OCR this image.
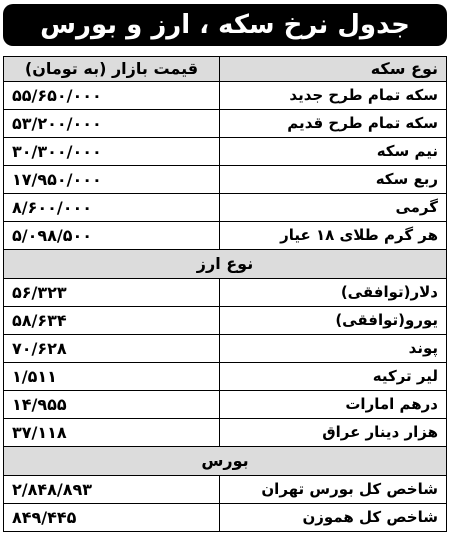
جدول نرخ سکه ، ارز و بورس
نوع سکه	قیمت بازار (به تومان)
سکه تمام طرح جدید	۵۵/۶۵۰/۰۰۰
سکه تمام طرح قدیم	۵۳/۲۰۰/۰۰۰
نیم سکه	۳۰/۳۰۰/۰۰۰
ربع سکه	۱۷/۹۵۰/۰۰۰
گرمی	۸/۶۰۰/۰۰۰
هر گرم طلای ۱۸ عیار	۵/۰۹۸/۵۰۰
نوع ارز	
دلار(توافقی)	۵۶/۳۲۳
یورو(توافقی)	۵۸/۶۳۴
پوند	۷۰/۶۲۸
لیر ترکیه	۱/۵۱۱
درهم امارات	۱۴/۹۵۵
هزار دینار عراق	۳۷/۱۱۸
بورس	
شاخص کل بورس تهران	۲/۸۴۸/۸۹۳
شاخص کل هموزن	۸۴۹/۴۴۵
